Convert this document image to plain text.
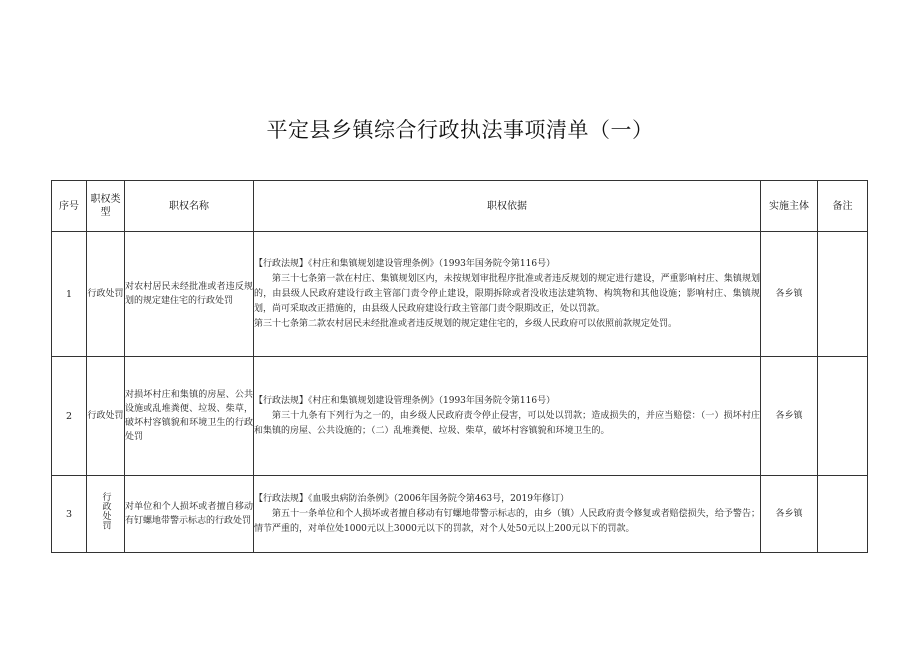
平定县乡镇综合行政执法事项清单（一）
序号	职权类型	职权名称	职权依据	实施主体	备注
1	行政处罚	对农村居民未经批准或者违反规划的规定建住宅的行政处罚	【行政法规】《村庄和集镇规划建设管理条例》（1993年国务院令第116号）
第三十七条第一款在村庄、集镇规划区内，未按规划审批程序批准或者违反规划的规定进行建设，严重影响村庄、集镇规划的，由县级人民政府建设行政主管部门责令停止建设，限期拆除或者没收违法建筑物、构筑物和其他设施；影响村庄、集镇规划，尚可采取改正措施的，由县级人民政府建设行政主管部门责令限期改正，处以罚款。
第三十七条第二款农村居民未经批准或者违反规划的规定建住宅的，乡级人民政府可以依照前款规定处罚。	各乡镇	
2	行政处罚	对损坏村庄和集镇的房屋、公共设施或乱堆粪便、垃圾、柴草，破坏村容镇貌和环境卫生的行政处罚	【行政法规】《村庄和集镇规划建设管理条例》（1993年国务院令第116号）
第三十九条有下列行为之一的，由乡级人民政府责令停止侵害，可以处以罚款；造成损失的，并应当赔偿：（一）损坏村庄和集镇的房屋、公共设施的；（二）乱堆粪便、垃圾、柴草，破坏村容镇貌和环境卫生的。	各乡镇	
3	行政处罚	对单位和个人损坏或者擅自移动有钉螺地带警示标志的行政处罚	【行政法规】《血吸虫病防治条例》（2006年国务院令第463号，2019年修订）
第五十一条单位和个人损坏或者擅自移动有钉螺地带警示标志的，由乡（镇）人民政府责令修复或者赔偿损失，给予警告；情节严重的，对单位处1000元以上3000元以下的罚款，对个人处50元以上200元以下的罚款。	各乡镇	
